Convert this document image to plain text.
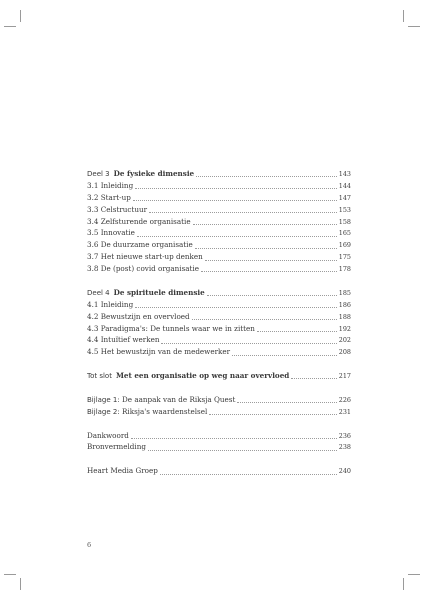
Deel 3 De fysieke dimensie	143
3.1 Inleiding	144
3.2 Start-up	147
3.3 Celstructuur	153
3.4 Zelfsturende organisatie	158
3.5 Innovatie	165
3.6 De duurzame organisatie	169
3.7 Het nieuwe start-up denken	175
3.8 De (post) covid organisatie	178
Deel 4 De spirituele dimensie	185
4.1 Inleiding	186
4.2 Bewustzijn en overvloed	188
4.3 Paradigma's: De tunnels waar we in zitten	192
4.4 Intuïtief werken	202
4.5 Het bewustzijn van de medewerker	208
Tot slot Met een organisatie op weg naar overvloed	217
Bijlage 1: De aanpak van de Riksja Quest	226
Bijlage 2: Riksja's waardenstelsel	231
Dankwoord	236
Bronvermelding	238
Heart Media Groep	240
6
